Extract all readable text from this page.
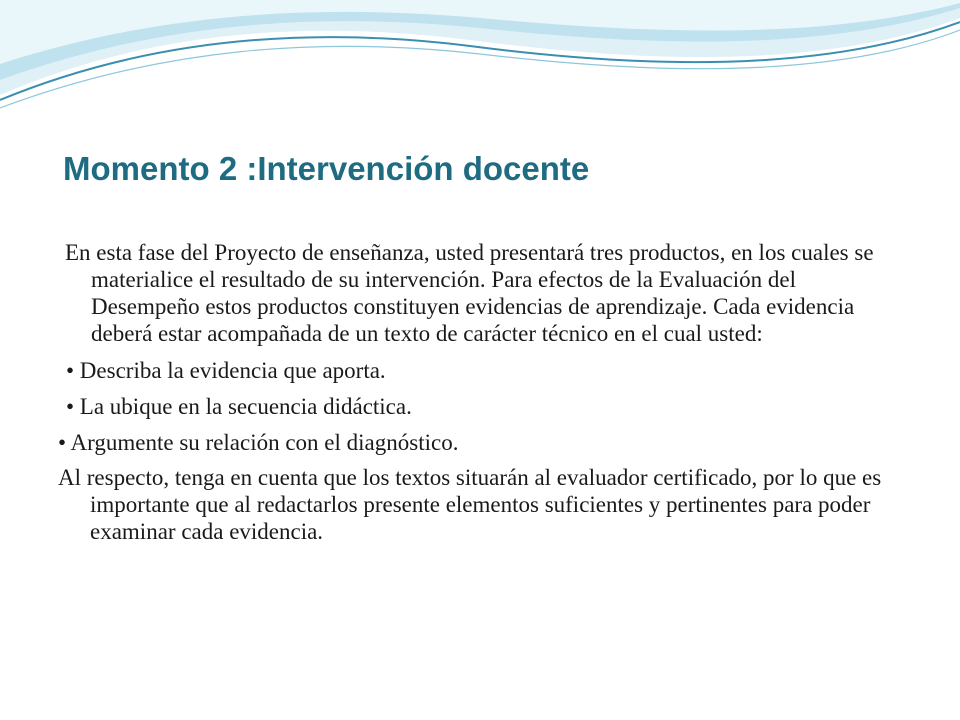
Momento 2 :Intervención docente

En esta fase del Proyecto de enseñanza, usted presentará tres productos, en los cuales se materialice el resultado de su intervención. Para efectos de la Evaluación del Desempeño estos productos constituyen evidencias de aprendizaje. Cada evidencia deberá estar acompañada de un texto de carácter técnico en el cual usted:

• Describa la evidencia que aporta.

• La ubique en la secuencia didáctica.

• Argumente su relación con el diagnóstico.

Al respecto, tenga en cuenta que los textos situarán al evaluador certificado, por lo que es importante que al redactarlos presente elementos suficientes y pertinentes para poder examinar cada evidencia.
